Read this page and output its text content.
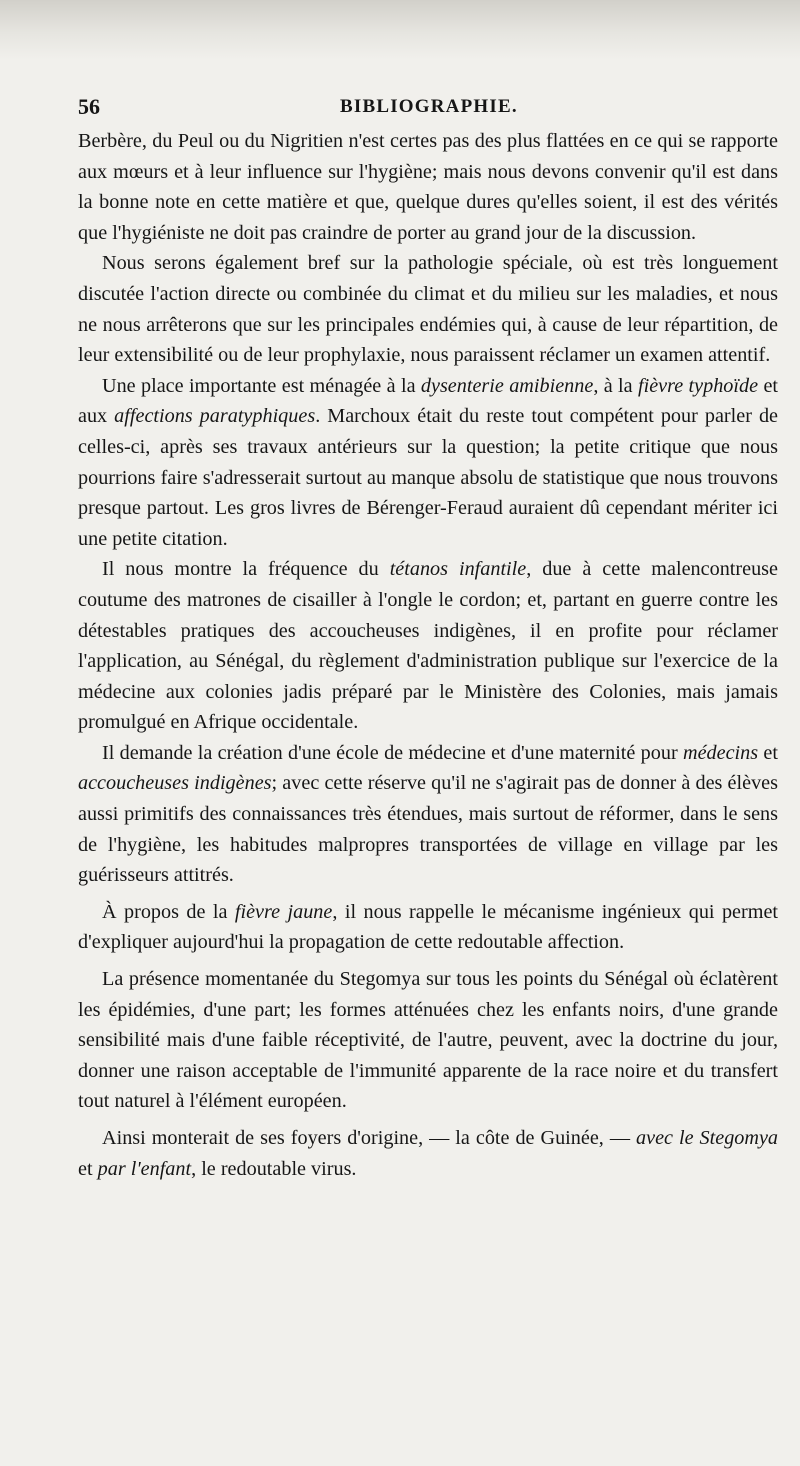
56	BIBLIOGRAPHIE.

Berbère, du Peul ou du Nigritien n'est certes pas des plus flattées en ce qui se rapporte aux mœurs et à leur influence sur l'hygiène; mais nous devons convenir qu'il est dans la bonne note en cette matière et que, quelque dures qu'elles soient, il est des vérités que l'hygiéniste ne doit pas craindre de porter au grand jour de la discussion.

Nous serons également bref sur la pathologie spéciale, où est très longuement discutée l'action directe ou combinée du climat et du milieu sur les maladies, et nous ne nous arrêterons que sur les principales endémies qui, à cause de leur répartition, de leur extensibilité ou de leur prophylaxie, nous paraissent réclamer un examen attentif.

Une place importante est ménagée à la dysenterie amibienne, à la fièvre typhoïde et aux affections paratyphiques. Marchoux était du reste tout compétent pour parler de celles-ci, après ses travaux antérieurs sur la question; la petite critique que nous pourrions faire s'adresserait surtout au manque absolu de statistique que nous trouvons presque partout. Les gros livres de Bérenger-Feraud auraient dû cependant mériter ici une petite citation.

Il nous montre la fréquence du tétanos infantile, due à cette malencontreuse coutume des matrones de cisailler à l'ongle le cordon; et, partant en guerre contre les détestables pratiques des accoucheuses indigènes, il en profite pour réclamer l'application, au Sénégal, du règlement d'administration publique sur l'exercice de la médecine aux colonies jadis préparé par le Ministère des Colonies, mais jamais promulgué en Afrique occidentale.

Il demande la création d'une école de médecine et d'une maternité pour médecins et accoucheuses indigènes; avec cette réserve qu'il ne s'agirait pas de donner à des élèves aussi primitifs des connaissances très étendues, mais surtout de réformer, dans le sens de l'hygiène, les habitudes malpropres transportées de village en village par les guérisseurs attitrés.

À propos de la fièvre jaune, il nous rappelle le mécanisme ingénieux qui permet d'expliquer aujourd'hui la propagation de cette redoutable affection.

La présence momentanée du Stegomya sur tous les points du Sénégal où éclatèrent les épidémies, d'une part; les formes atténuées chez les enfants noirs, d'une grande sensibilité mais d'une faible réceptivité, de l'autre, peuvent, avec la doctrine du jour, donner une raison acceptable de l'immunité apparente de la race noire et du transfert tout naturel à l'élément européen.

Ainsi monterait de ses foyers d'origine, — la côte de Guinée, — avec le Stegomya et par l'enfant, le redoutable virus.
